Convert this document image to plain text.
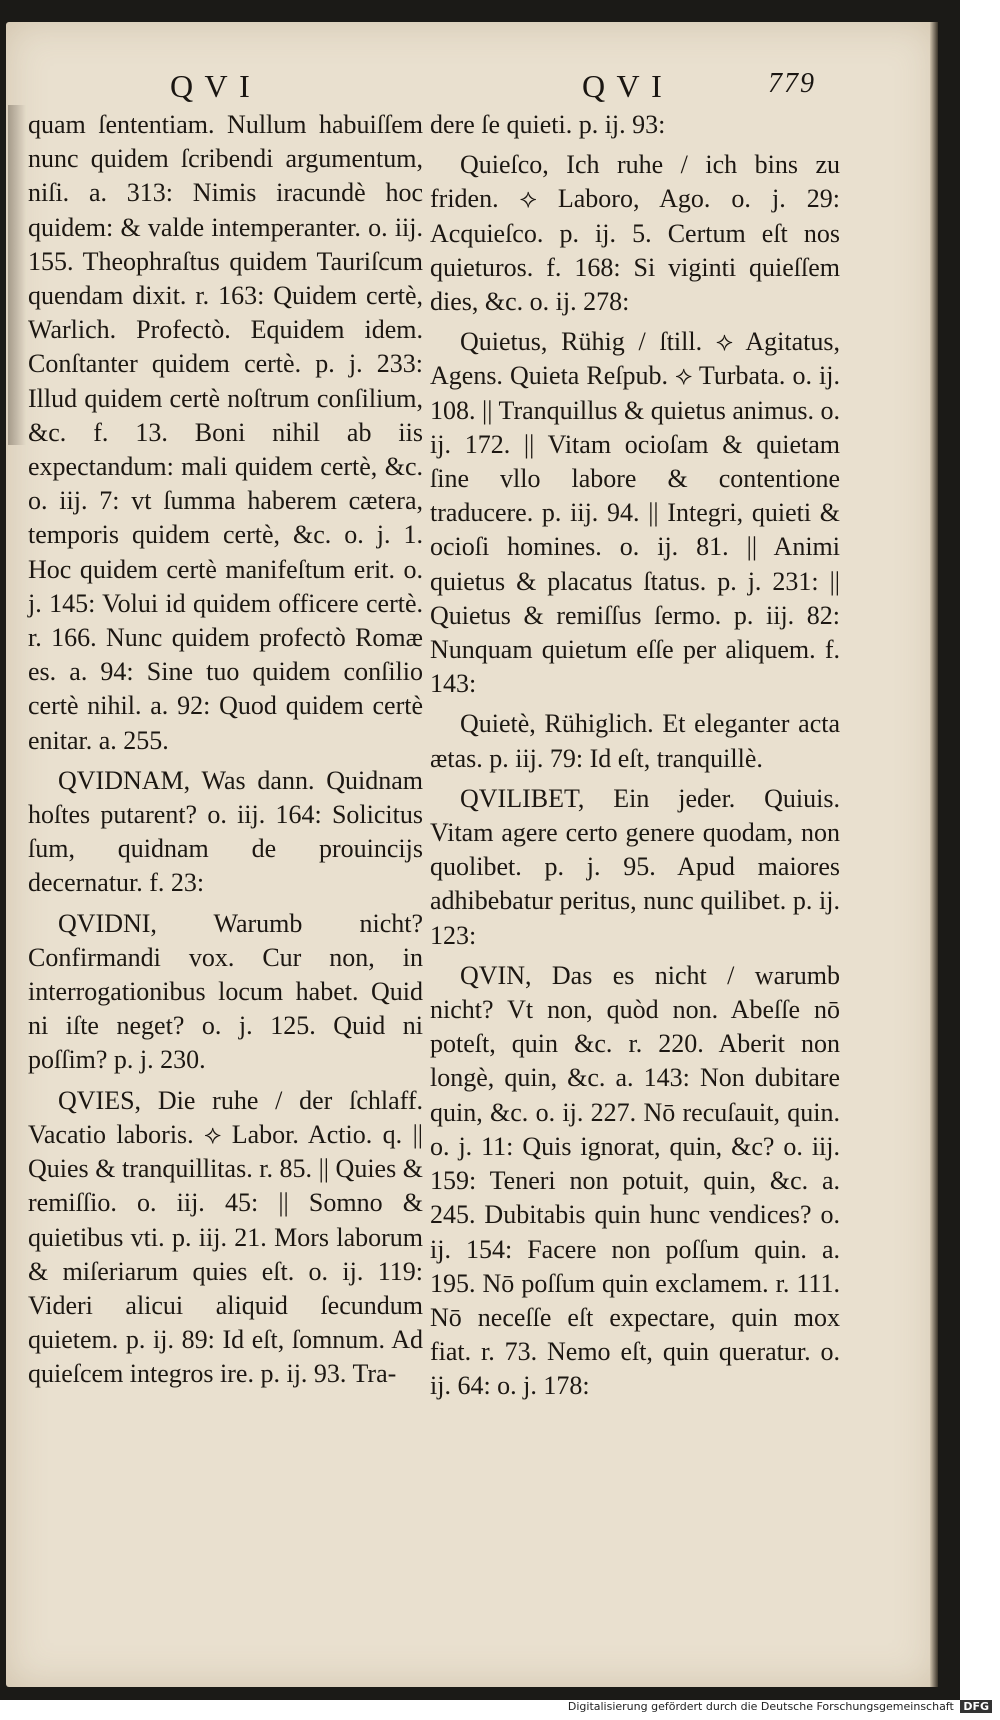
Q V I	Q V I	779

quam ſententiam. Nullum habuiſſem nunc quidem ſcribendi argumentum, niſi. a. 313: Nimis iracundè hoc quidem: & valde intemperanter. o. iij. 155. Theophraſtus quidem Tauriſcum quendam dixit. r. 163: Quidem certè, Warlich. Profectò. Equidem idem. Conſtanter quidem certè. p. j. 233: Illud quidem certè noſtrum conſilium, &c. f. 13. Boni nihil ab iis expectandum: mali quidem certè, &c. o. iij. 7: vt ſumma haberem cætera, temporis quidem certè, &c. o. j. 1. Hoc quidem certè manifeſtum erit. o. j. 145: Volui id quidem officere certè. r. 166. Nunc quidem profectò Romæ es. a. 94: Sine tuo quidem conſilio certè nihil. a. 92: Quod quidem certè enitar. a. 255.

QVIDNAM, Was dann. Quidnam hoſtes putarent? o. iij. 164: Solicitus ſum, quidnam de prouincijs decernatur. f. 23:

QVIDNI, Warumb nicht? Confirmandi vox. Cur non, in interrogationibus locum habet. Quid ni iſte neget? o. j. 125. Quid ni poſſim? p. j. 230.

QVIES, Die ruhe / der ſchlaff. Vacatio laboris. ⟡ Labor. Actio. q. || Quies & tranquillitas. r. 85. || Quies & remiſſio. o. iij. 45: || Somno & quietibus vti. p. iij. 21. Mors laborum & miſeriarum quies eſt. o. ij. 119: Videri alicui aliquid ſecundum quietem. p. ij. 89: Id eſt, ſomnum. Ad quieſcem integros ire. p. ij. 93. Tra-

dere ſe quieti. p. ij. 93:

Quieſco, Ich ruhe / ich bins zu friden. ⟡ Laboro, Ago. o. j. 29: Acquieſco. p. ij. 5. Certum eſt nos quieturos. f. 168: Si viginti quieſſem dies, &c. o. ij. 278:

Quietus, Rühig / ſtill. ⟡ Agitatus, Agens. Quieta Reſpub. ⟡ Turbata. o. ij. 108. || Tranquillus & quietus animus. o. ij. 172. || Vitam ocioſam & quietam ſine vllo labore & contentione traducere. p. iij. 94. || Integri, quieti & ocioſi homines. o. ij. 81. || Animi quietus & placatus ſtatus. p. j. 231: || Quietus & remiſſus ſermo. p. iij. 82: Nunquam quietum eſſe per aliquem. f. 143:

Quietè, Rühiglich. Et eleganter acta ætas. p. iij. 79: Id eſt, tranquillè.

QVILIBET, Ein jeder. Quiuis. Vitam agere certo genere quodam, non quolibet. p. j. 95. Apud maiores adhibebatur peritus, nunc quilibet. p. ij. 123:

QVIN, Das es nicht / warumb nicht? Vt non, quòd non. Abeſſe nō poteſt, quin &c. r. 220. Aberit non longè, quin, &c. a. 143: Non dubitare quin, &c. o. ij. 227. Nō recuſauit, quin. o. j. 11: Quis ignorat, quin, &c? o. iij. 159: Teneri non potuit, quin, &c. a. 245. Dubitabis quin hunc vendices? o. ij. 154: Facere non poſſum quin. a. 195. Nō poſſum quin exclamem. r. 111. Nō neceſſe eſt expectare, quin mox fiat. r. 73. Nemo eſt, quin queratur. o. ij. 64: o. j. 178:

Digitalisierung gefördert durch die Deutsche Forschungsgemeinschaft DFG
